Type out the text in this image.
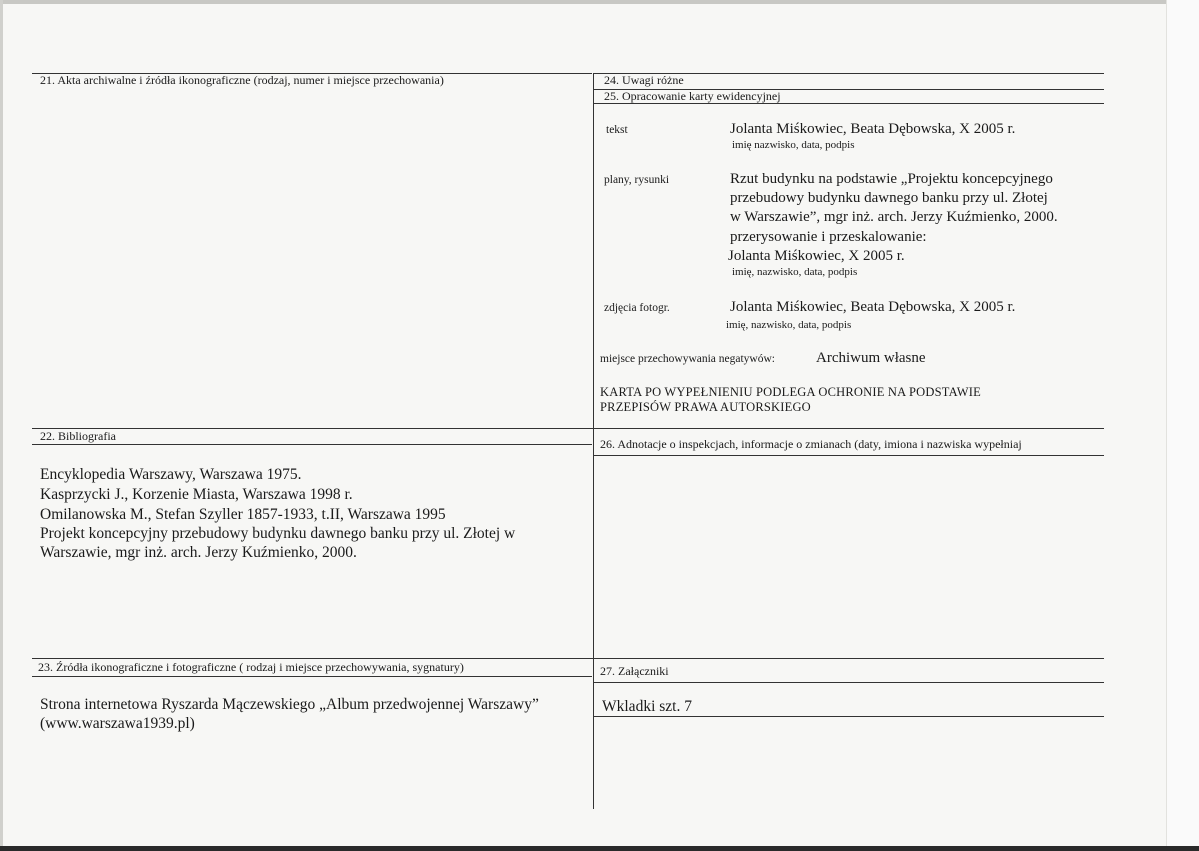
21. Akta archiwalne i źródła ikonograficzne (rodzaj, numer i miejsce przechowania)	24. Uwagi różne
25. Opracowanie karty ewidencyjnej
tekst	Jolanta Miśkowiec, Beata Dębowska, X 2005 r.
imię nazwisko, data, podpis
plany, rysunki	Rzut budynku na podstawie „Projektu koncepcyjnego
przebudowy budynku dawnego banku przy ul. Złotej
w Warszawie”, mgr inż. arch. Jerzy Kuźmienko, 2000.
przerysowanie i przeskalowanie:
Jolanta Miśkowiec, X 2005 r.
imię, nazwisko, data, podpis
zdjęcia fotogr.	Jolanta Miśkowiec, Beata Dębowska, X 2005 r.
imię, nazwisko, data, podpis
miejsce przechowywania negatywów:	Archiwum własne
KARTA PO WYPEŁNIENIU PODLEGA OCHRONIE NA PODSTAWIE
PRZEPISÓW PRAWA AUTORSKIEGO
22. Bibliografia
Encyklopedia Warszawy, Warszawa 1975.
Kasprzycki J., Korzenie Miasta, Warszawa 1998 r.
Omilanowska M., Stefan Szyller 1857-1933, t.II, Warszawa 1995
Projekt koncepcyjny przebudowy budynku dawnego banku przy ul. Złotej w
Warszawie, mgr inż. arch. Jerzy Kuźmienko, 2000.
26. Adnotacje o inspekcjach, informacje o zmianach (daty, imiona i nazwiska wypełniaj
23. Źródła ikonograficzne i fotograficzne ( rodzaj i miejsce przechowywania, sygnatury)
Strona internetowa Ryszarda Mączewskiego „Album przedwojennej Warszawy”
(www.warszawa1939.pl)
27. Załączniki
Wkladki szt. 7
